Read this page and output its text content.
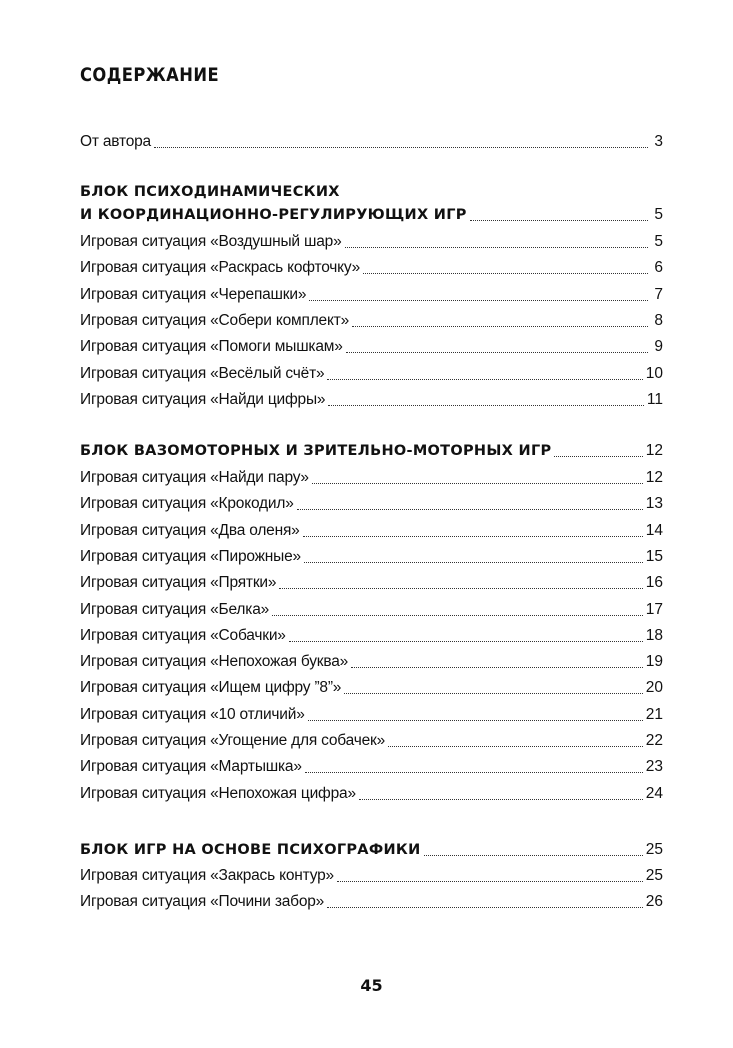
СОДЕРЖАНИЕ
От автора	3
БЛОК ПСИХОДИНАМИЧЕСКИХ
И КООРДИНАЦИОННО-РЕГУЛИРУЮЩИХ ИГР	5
Игровая ситуация «Воздушный шар»	5
Игровая ситуация «Раскрась кофточку»	6
Игровая ситуация «Черепашки»	7
Игровая ситуация «Собери комплект»	8
Игровая ситуация «Помоги мышкам»	9
Игровая ситуация «Весёлый счёт»	10
Игровая ситуация «Найди цифры»	11
БЛОК ВАЗОМОТОРНЫХ И ЗРИТЕЛЬНО-МОТОРНЫХ ИГР	12
Игровая ситуация «Найди пару»	12
Игровая ситуация «Крокодил»	13
Игровая ситуация «Два оленя»	14
Игровая ситуация «Пирожные»	15
Игровая ситуация «Прятки»	16
Игровая ситуация «Белка»	17
Игровая ситуация «Собачки»	18
Игровая ситуация «Непохожая буква»	19
Игровая ситуация «Ищем цифру ”8”»	20
Игровая ситуация «10 отличий»	21
Игровая ситуация «Угощение для собачек»	22
Игровая ситуация «Мартышка»	23
Игровая ситуация «Непохожая цифра»	24
БЛОК ИГР НА ОСНОВЕ ПСИХОГРАФИКИ	25
Игровая ситуация «Закрась контур»	25
Игровая ситуация «Почини забор»	26
45
